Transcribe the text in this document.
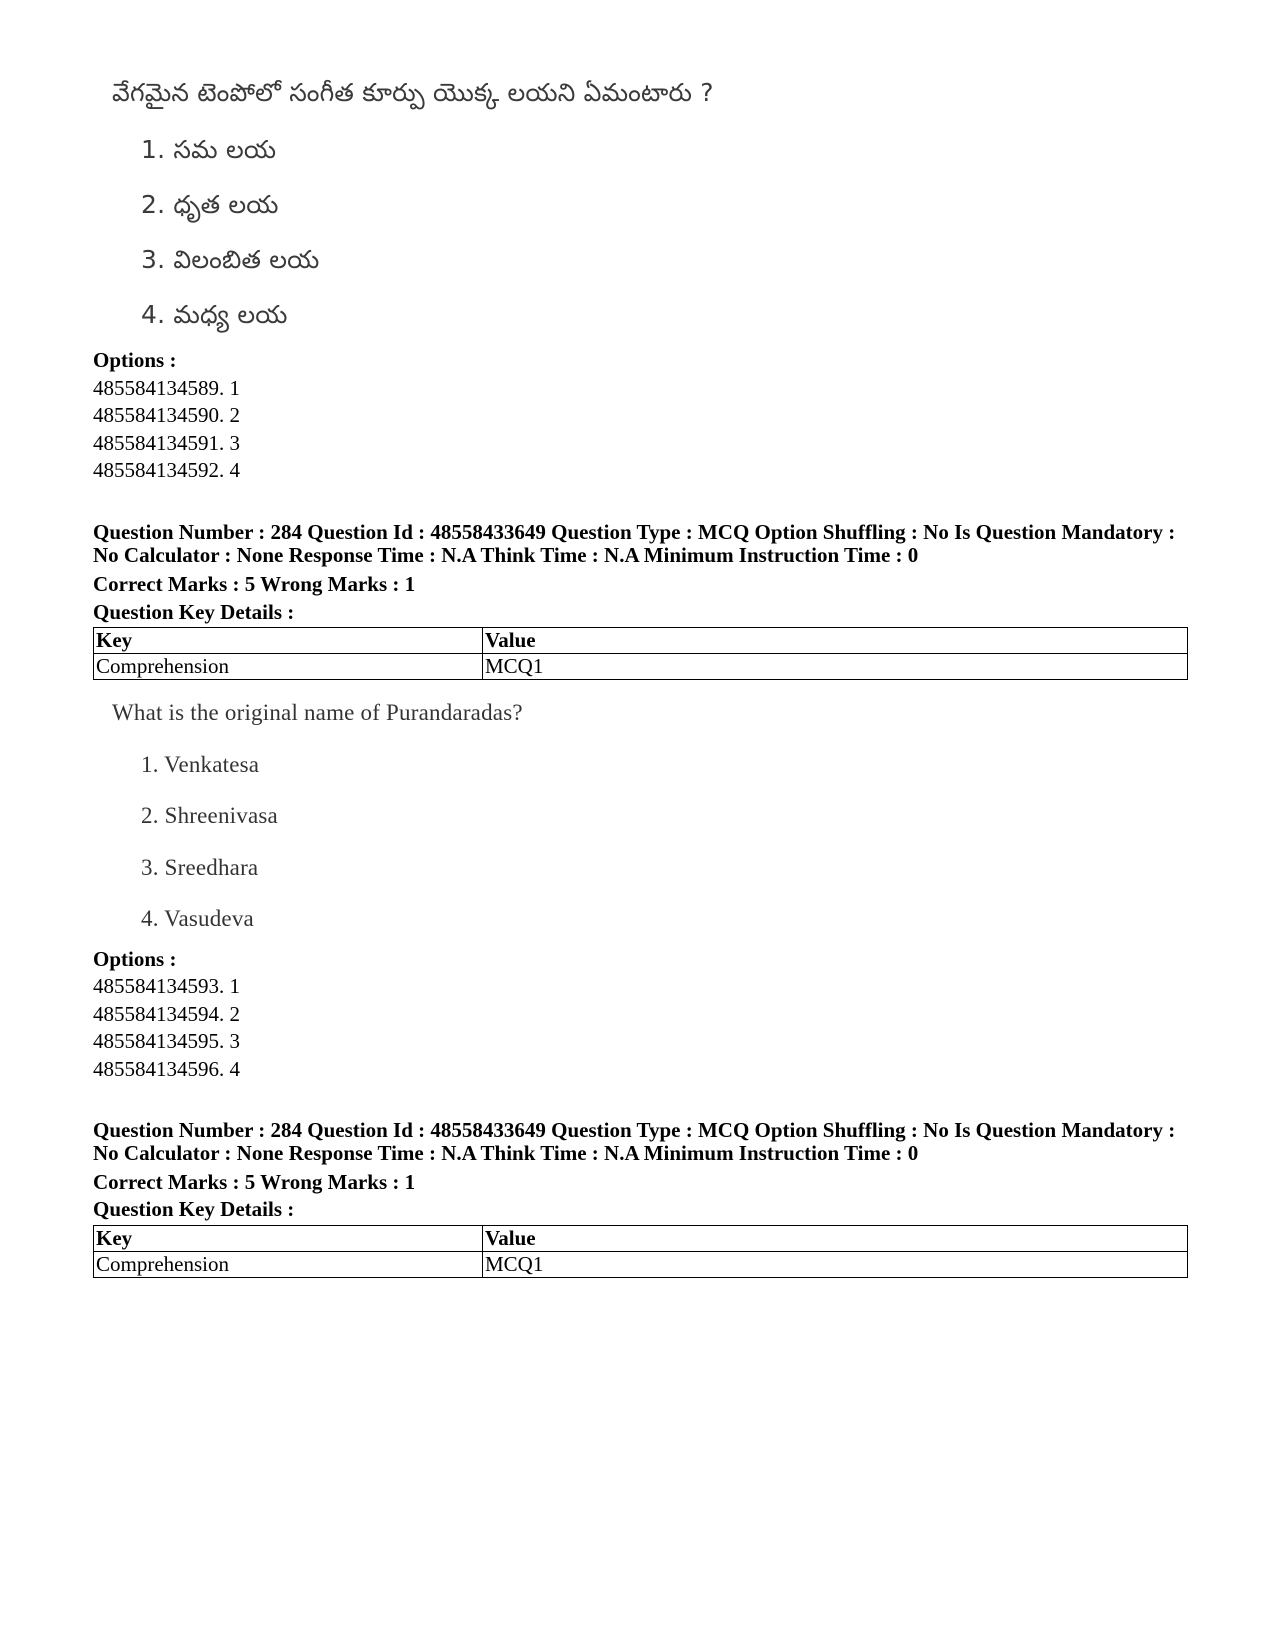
వేగమైన టెంపోలో సంగీత కూర్పు యొక్క లయని ఏమంటారు ?
1. సమ లయ
2. ధృత లయ
3. విలంబిత లయ
4. మధ్య లయ
Options :
485584134589. 1
485584134590. 2
485584134591. 3
485584134592. 4
Question Number : 284 Question Id : 48558433649 Question Type : MCQ Option Shuffling : No Is Question Mandatory :
No Calculator : None Response Time : N.A Think Time : N.A Minimum Instruction Time : 0
Correct Marks : 5 Wrong Marks : 1
Question Key Details :
Key	Value
Comprehension	MCQ1
What is the original name of Purandaradas?
1. Venkatesa
2. Shreenivasa
3. Sreedhara
4. Vasudeva
Options :
485584134593. 1
485584134594. 2
485584134595. 3
485584134596. 4
Question Number : 284 Question Id : 48558433649 Question Type : MCQ Option Shuffling : No Is Question Mandatory :
No Calculator : None Response Time : N.A Think Time : N.A Minimum Instruction Time : 0
Correct Marks : 5 Wrong Marks : 1
Question Key Details :
Key	Value
Comprehension	MCQ1
